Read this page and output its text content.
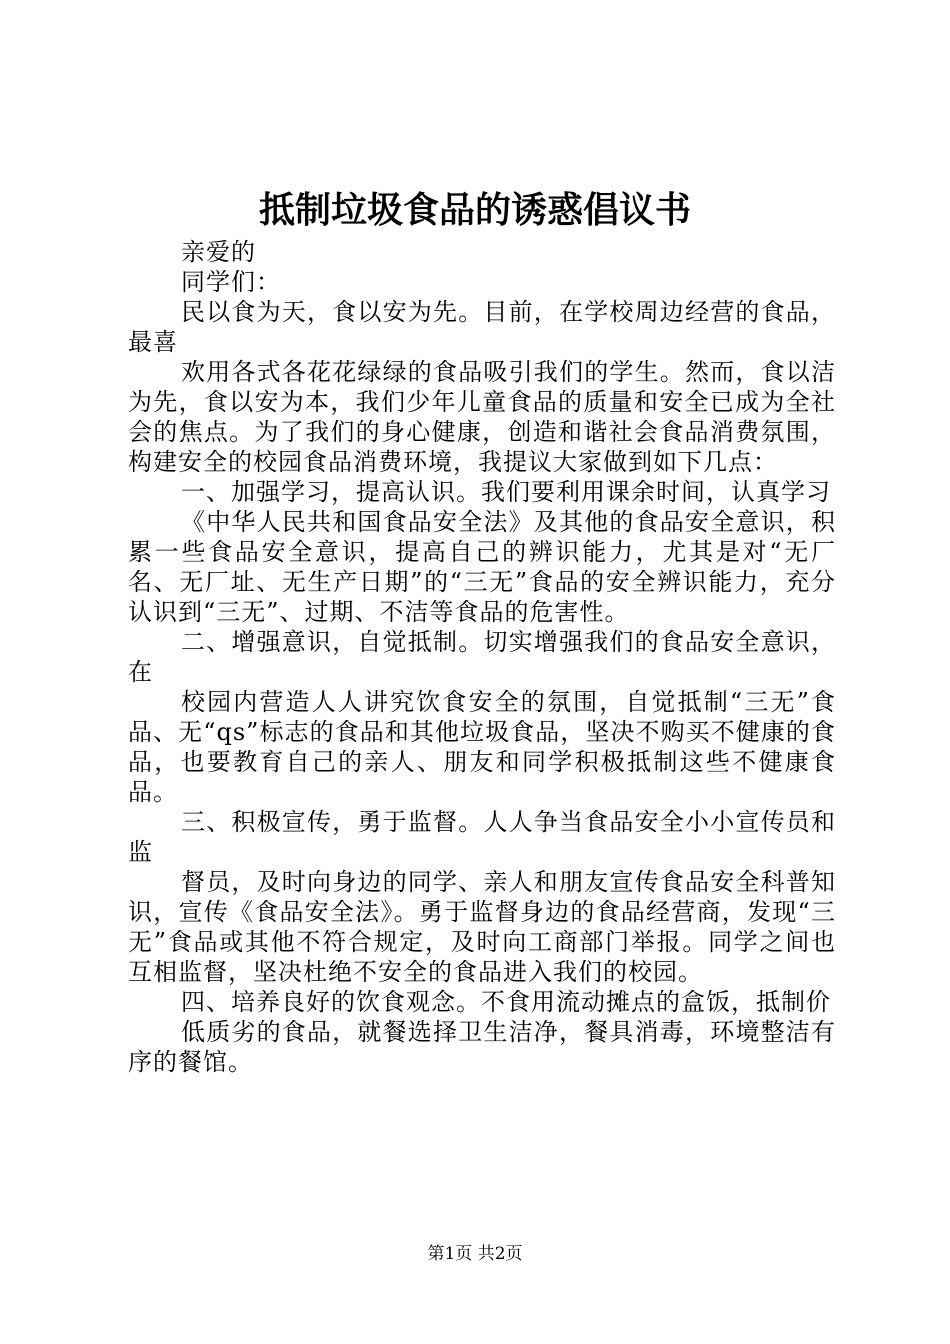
抵制垃圾食品的诱惑倡议书

亲爱的

同学们：

民以食为天，食以安为先。目前，在学校周边经营的食品，最喜

欢用各式各花花绿绿的食品吸引我们的学生。然而，食以洁为先，食以安为本，我们少年儿童食品的质量和安全已成为全社会的焦点。为了我们的身心健康，创造和谐社会食品消费氛围，构建安全的校园食品消费环境，我提议大家做到如下几点：

一、加强学习，提高认识。我们要利用课余时间，认真学习

《中华人民共和国食品安全法》及其他的食品安全意识，积累一些食品安全意识，提高自己的辨识能力，尤其是对“无厂名、无厂址、无生产日期”的“三无”食品的安全辨识能力，充分认识到“三无”、过期、不洁等食品的危害性。

二、增强意识，自觉抵制。切实增强我们的食品安全意识，在

校园内营造人人讲究饮食安全的氛围，自觉抵制“三无”食品、无“qs”标志的食品和其他垃圾食品，坚决不购买不健康的食品，也要教育自己的亲人、朋友和同学积极抵制这些不健康食品。

三、积极宣传，勇于监督。人人争当食品安全小小宣传员和监

督员，及时向身边的同学、亲人和朋友宣传食品安全科普知识，宣传《食品安全法》。勇于监督身边的食品经营商，发现“三无”食品或其他不符合规定，及时向工商部门举报。同学之间也互相监督，坚决杜绝不安全的食品进入我们的校园。

四、培养良好的饮食观念。不食用流动摊点的盒饭，抵制价

低质劣的食品，就餐选择卫生洁净，餐具消毒，环境整洁有序的餐馆。

第1页 共2页
